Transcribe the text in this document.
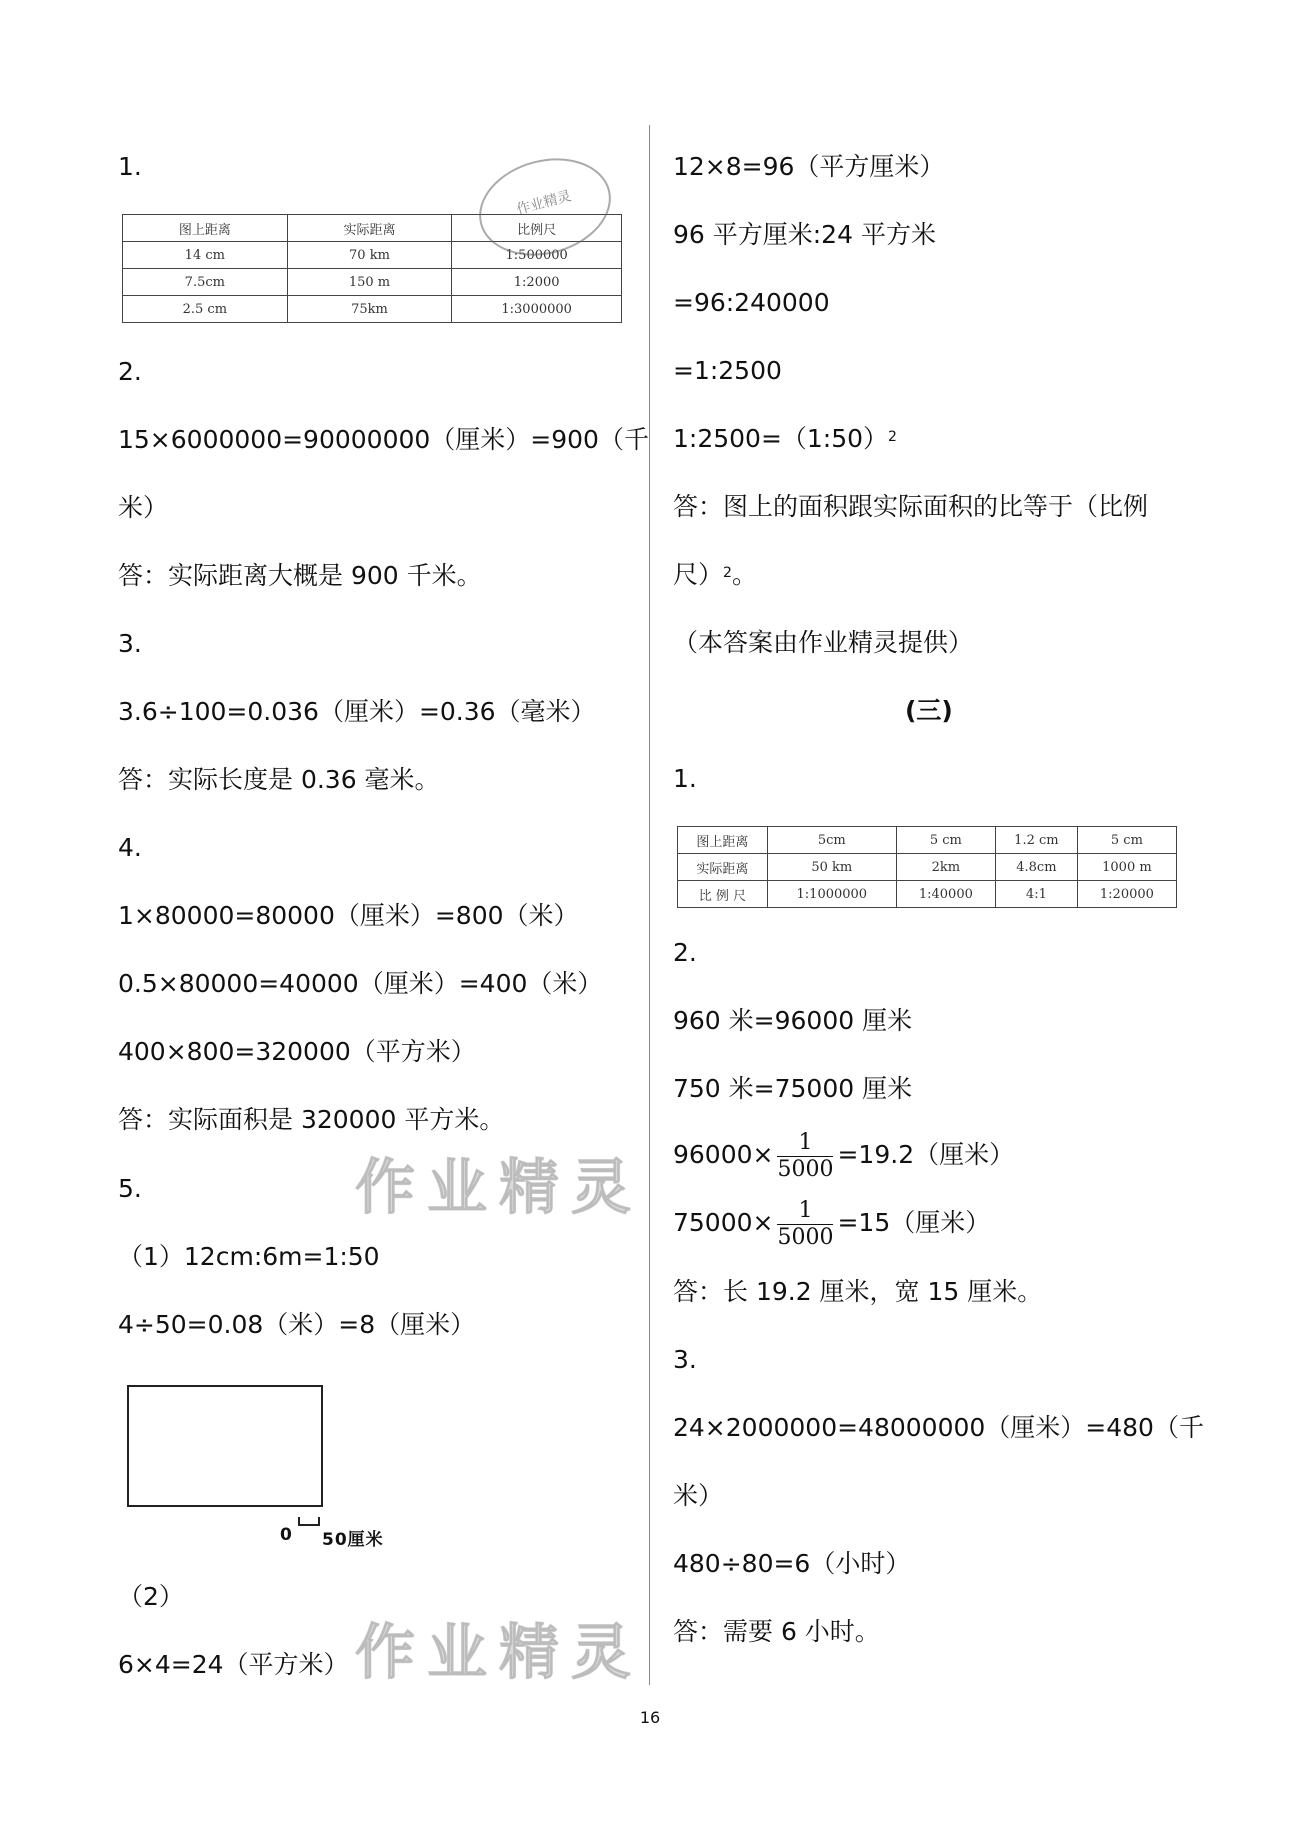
1.
图上距离	实际距离	比例尺
14 cm	70 km	1:500000
7.5cm	150 m	1:2000
2.5 cm	75km	1:3000000
作业精灵
2.
15×6000000=90000000（厘米）=900（千
米）
答：实际距离大概是 900 千米。
3.
3.6÷100=0.036（厘米）=0.36（毫米）
答：实际长度是 0.36 毫米。
4.
1×80000=80000（厘米）=800（米）
0.5×80000=40000（厘米）=400（米）
400×800=320000（平方米）
答：实际面积是 320000 平方米。
作业精灵
5.
（1）12cm:6m=1:50
4÷50=0.08（米）=8（厘米）
0 50厘米
（2）
作业精灵
6×4=24（平方米）
12×8=96（平方厘米）
96 平方厘米:24 平方米
=96:240000
=1:2500
1:2500=（1:50）$^2$
答：图上的面积跟实际面积的比等于（比例
尺）$^2$。
（本答案由作业精灵提供）
(三)
1.
图上距离	5cm	5 cm	1.2 cm	5 cm
实际距离	50 km	2km	4.8cm	1000 m
比 例 尺	1:1000000	1:40000	4:1	1:20000
2.
960 米=96000 厘米
750 米=75000 厘米
$96000\times \frac{1}{5000} =19.2$（厘米）
$75000\times \frac{1}{5000} =15$（厘米）
答：长 19.2 厘米，宽 15 厘米。
3.
24×2000000=48000000（厘米）=480（千
米）
480÷80=6（小时）
答：需要 6 小时。
16
